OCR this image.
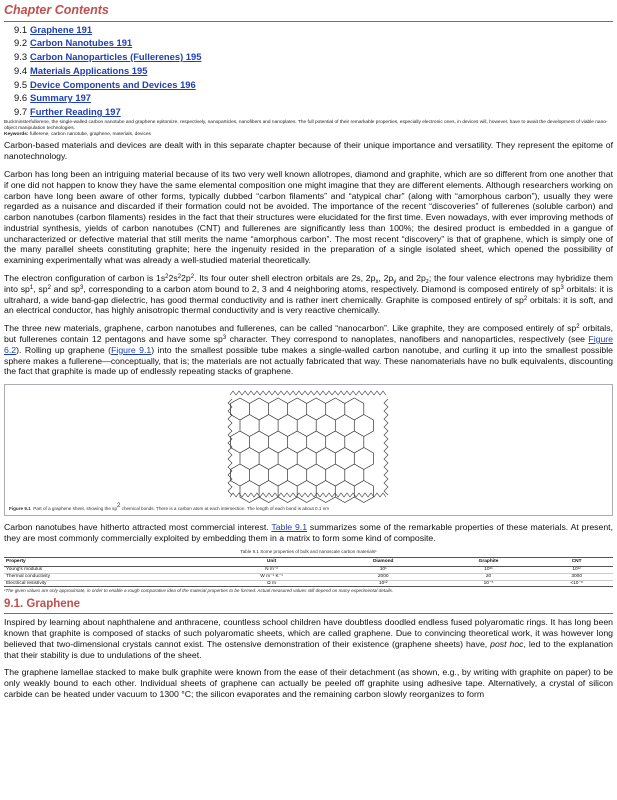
Chapter Contents
9.1 Graphene 191
9.2 Carbon Nanotubes 191
9.3 Carbon Nanoparticles (Fullerenes) 195
9.4 Materials Applications 195
9.5 Device Components and Devices 196
9.6 Summary 197
9.7 Further Reading 197
Buckminsterfullerene, the single-walled carbon nanotube and graphene epitomize, respectively, nanoparticles, nanofibers and nanoplates. The full potential of their remarkable properties, especially electronic ones, in devices will, however, have to await the development of viable nano-object manipulation technologies.
Keywords: fullerene, carbon nanotube, graphene, materials, devices

Carbon-based materials and devices are dealt with in this separate chapter because of their unique importance and versatility. They represent the epitome of nanotechnology.

Carbon has long been an intriguing material because of its two very well known allotropes, diamond and graphite, which are so different from one another that if one did not happen to know they have the same elemental composition one might imagine that they are different elements. Although researchers working on carbon have long been aware of other forms, typically dubbed “carbon filaments” and “atypical char” (along with “amorphous carbon”), usually they were regarded as a nuisance and discarded if their formation could not be avoided. The importance of the recent “discoveries” of fullerenes (soluble carbon) and carbon nanotubes (carbon filaments) resides in the fact that their structures were elucidated for the first time. Even nowadays, with ever improving methods of industrial synthesis, yields of carbon nanotubes (CNT) and fullerenes are significantly less than 100%; the desired product is embedded in a gangue of uncharacterized or defective material that still merits the name “amorphous carbon”. The most recent “discovery” is that of graphene, which is simply one of the many parallel sheets constituting graphite; here the ingenuity resided in the preparation of a single isolated sheet, which opened the possibility of examining experimentally what was already a well-studied material theoretically.

The electron configuration of carbon is $1s^22s^22p^2$. Its four outer shell electron orbitals are 2s, $2p_x$, $2p_y$ and $2p_z$; the four valence electrons may hybridize them into $sp^1$, $sp^2$ and $sp^3$, corresponding to a carbon atom bound to 2, 3 and 4 neighboring atoms, respectively. Diamond is composed entirely of $sp^3$ orbitals: it is ultrahard, a wide band-gap dielectric, has good thermal conductivity and is rather inert chemically. Graphite is composed entirely of $sp^2$ orbitals: it is soft, and an electrical conductor, has highly anisotropic thermal conductivity and is very reactive chemically.

The three new materials, graphene, carbon nanotubes and fullerenes, can be called “nanocarbon”. Like graphite, they are composed entirely of $sp^2$ orbitals, but fullerenes contain 12 pentagons and have some $sp^3$ character. They correspond to nanoplates, nanofibers and nanoparticles, respectively (see Figure 6.2). Rolling up graphene (Figure 9.1) into the smallest possible tube makes a single-walled carbon nanotube, and curling it up into the smallest possible sphere makes a fullerene—conceptually, that is; the materials are not actually fabricated that way. These nanomaterials have no bulk equivalents, discounting the fact that graphite is made up of endlessly repeating stacks of graphene.

Figure 9.1 Part of a graphene sheet, showing the $sp^2$ chemical bonds. There is a carbon atom at each intersection. The length of each bond is about 0.1 nm

Carbon nanotubes have hitherto attracted most commercial interest. Table 9.1 summarizes some of the remarkable properties of these materials. At present, they are most commonly commercially exploited by embedding them in a matrix to form some kind of composite.

Table 9.1 Some properties of bulk and nanoscale carbon materials¹
Property	Unit	Diamond	Graphite	CNT
Young's modulus	N m⁻²	10¹	10¹¹	10¹²
Thermal conductivity	W m⁻¹ K⁻¹	2000	20	3000
Electrical resistivity	Ω m	10¹²	10⁻⁵	<10⁻⁶
¹The given values are only approximate, in order to enable a rough comparative idea of the material properties to be formed. Actual measured values still depend on many experimental details.
9.1. Graphene

Inspired by learning about naphthalene and anthracene, countless school children have doubtless doodled endless fused polyaromatic rings. It has long been known that graphite is composed of stacks of such polyaromatic sheets, which are called graphene. Due to convincing theoretical work, it was however long believed that two-dimensional crystals cannot exist. The ostensive demonstration of their existence (graphene sheets) have, post hoc, led to the explanation that their stability is due to undulations of the sheet.

The graphene lamellae stacked to make bulk graphite were known from the ease of their detachment (as shown, e.g., by writing with graphite on paper) to be only weakly bound to each other. Individual sheets of graphene can actually be peeled off graphite using adhesive tape. Alternatively, a crystal of silicon carbide can be heated under vacuum to 1300 °C; the silicon evaporates and the remaining carbon slowly reorganizes to form
